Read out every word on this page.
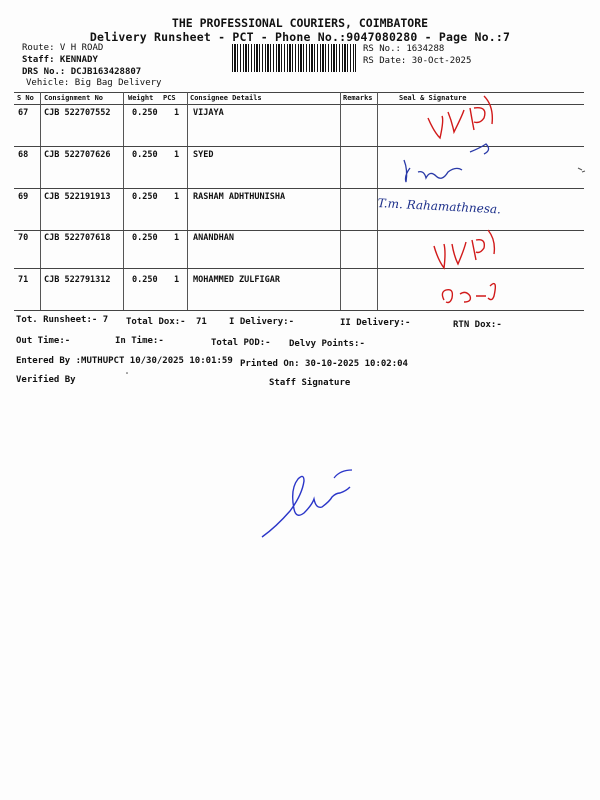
THE PROFESSIONAL COURIERS, COIMBATORE
Delivery Runsheet - PCT - Phone No.:9047080280 - Page No.:7
Route: V H ROAD
Staff: KENNADY
DRS No.: DCJB163428807
Vehicle: Big Bag Delivery
RS No.: 1634288
RS Date: 30-Oct-2025
S No Consignment No	Weight PCS Consignee Details	Remarks	Seal & Signature
67 CJB 522707552	0.250 1 VIJAYA
68 CJB 522707626	0.250 1 SYED
69 CJB 522191913	0.250 1 RASHAM ADHTHUNISHA
70 CJB 522707618	0.250 1 ANANDHAN
71 CJB 522791312	0.250 1 MOHAMMED ZULFIGAR
Tot. Runsheet:- 7 Total Dox:- 71 I Delivery:-	II Delivery:-	RTN Dox:-
Out Time:-	In Time:-	Total POD:- Delvy Points:-
Entered By :MUTHUPCT 10/30/2025 10:01:59 Printed On: 30-10-2025 10:02:04
Verified By	Staff Signature
T.m. Rahamathnesa.
